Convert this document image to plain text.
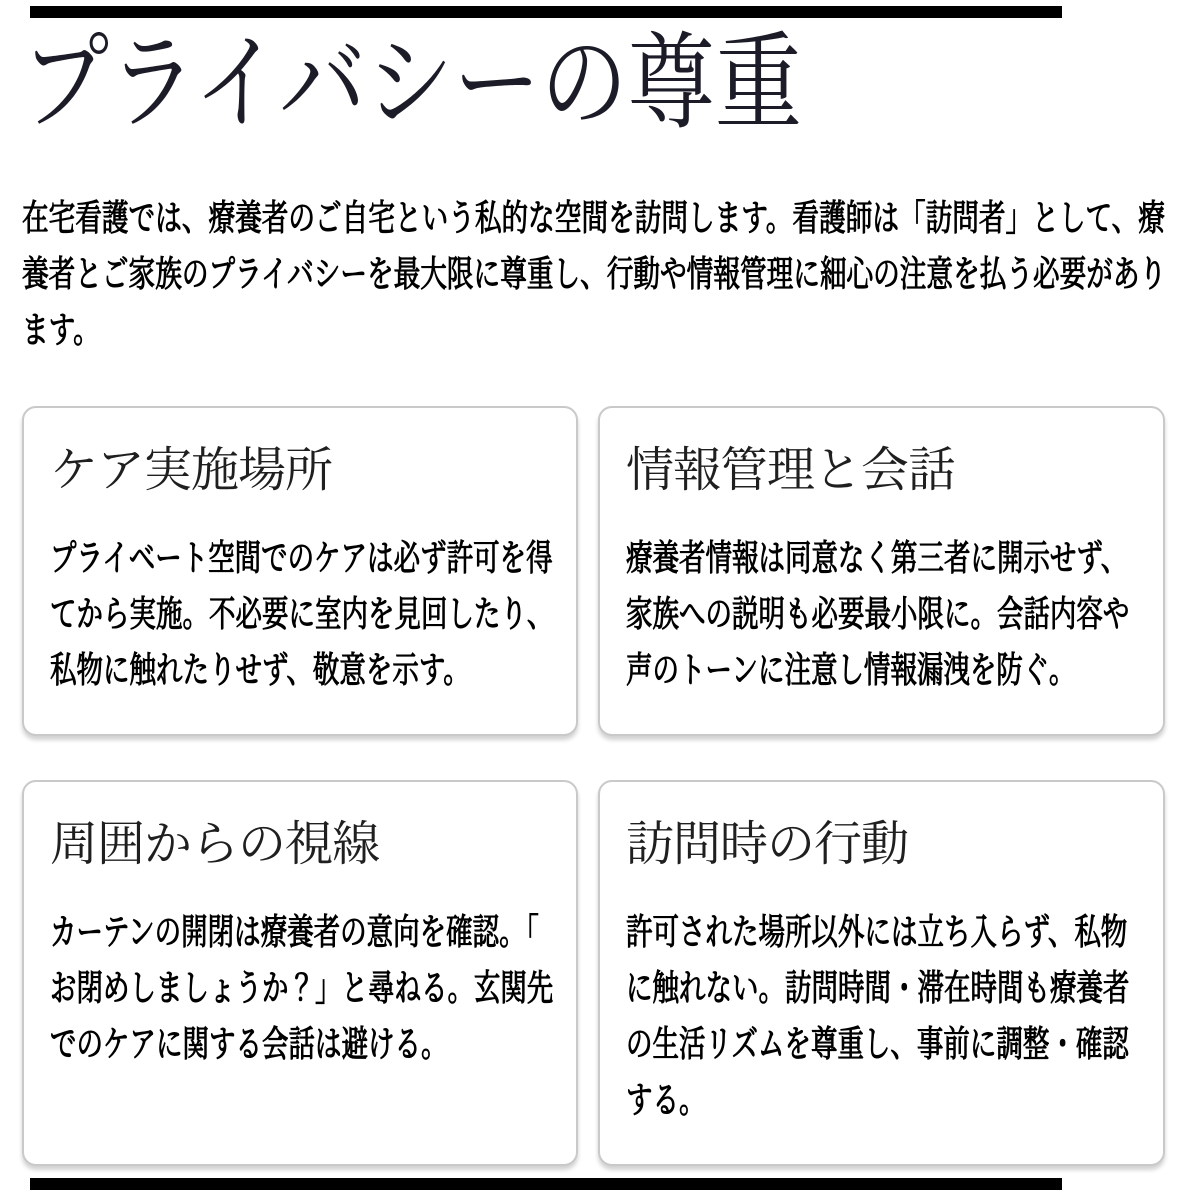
プライバシーの尊重
在宅看護では、療養者のご自宅という私的な空間を訪問します。看護師は「訪問者」として、療
養者とご家族のプライバシーを最大限に尊重し、行動や情報管理に細心の注意を払う必要があり
ます。
ケア実施場所
プライベート空間でのケアは必ず許可を得
てから実施。不必要に室内を見回したり、
私物に触れたりせず、敬意を示す。
情報管理と会話
療養者情報は同意なく第三者に開示せず、
家族への説明も必要最小限に。会話内容や
声のトーンに注意し情報漏洩を防ぐ。
周囲からの視線
カーテンの開閉は療養者の意向を確認。「
お閉めしましょうか？」と尋ねる。玄関先
でのケアに関する会話は避ける。
訪問時の行動
許可された場所以外には立ち入らず、私物
に触れない。訪問時間・滞在時間も療養者
の生活リズムを尊重し、事前に調整・確認
する。
